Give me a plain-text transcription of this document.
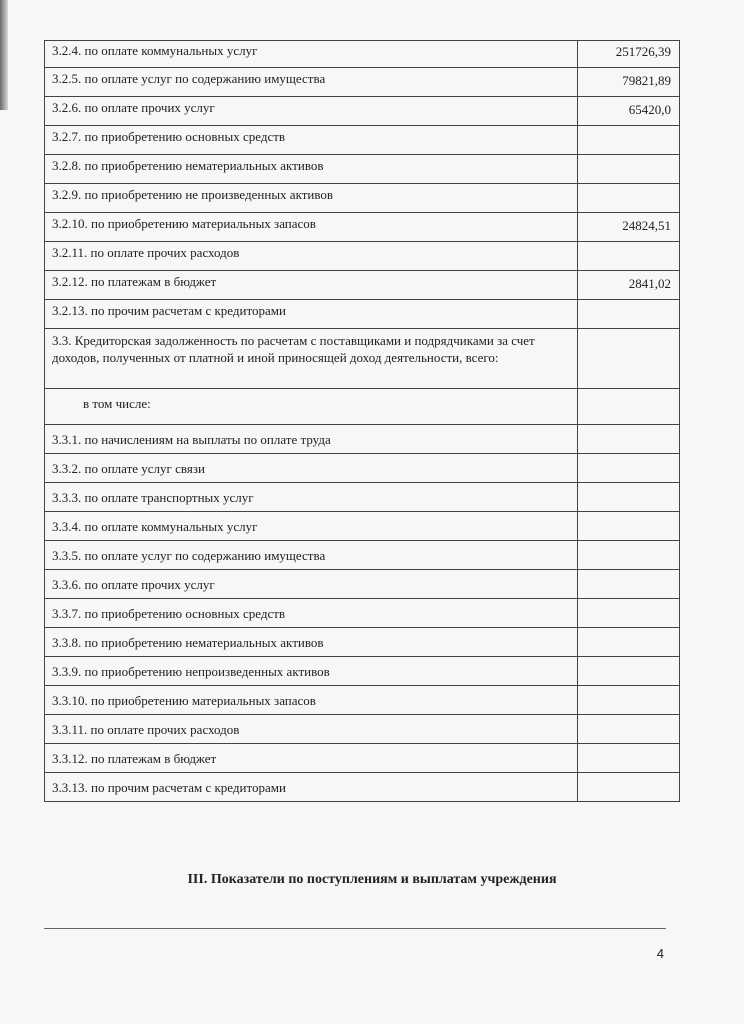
3.2.4. по оплате коммунальных услуг	251726,39
3.2.5. по оплате услуг по содержанию имущества	79821,89
3.2.6. по оплате прочих услуг	65420,0
3.2.7. по приобретению основных средств	
3.2.8. по приобретению нематериальных активов	
3.2.9. по приобретению не произведенных активов	
3.2.10. по приобретению материальных запасов	24824,51
3.2.11. по оплате прочих расходов	
3.2.12. по платежам в бюджет	2841,02
3.2.13. по прочим расчетам с кредиторами	
3.3. Кредиторская задолженность по расчетам с поставщиками и подрядчиками за счет доходов, полученных от платной и иной приносящей доход деятельности, всего:	
в том числе:	
3.3.1. по начислениям на выплаты по оплате труда	
3.3.2. по оплате услуг связи	
3.3.3. по оплате транспортных услуг	
3.3.4. по оплате коммунальных услуг	
3.3.5. по оплате услуг по содержанию имущества	
3.3.6. по оплате прочих услуг	
3.3.7. по приобретению основных средств	
3.3.8. по приобретению нематериальных активов	
3.3.9. по приобретению непроизведенных активов	
3.3.10. по приобретению материальных запасов	
3.3.11. по оплате прочих расходов	
3.3.12. по платежам в бюджет	
3.3.13. по прочим расчетам с кредиторами	
III. Показатели по поступлениям и выплатам учреждения
4
